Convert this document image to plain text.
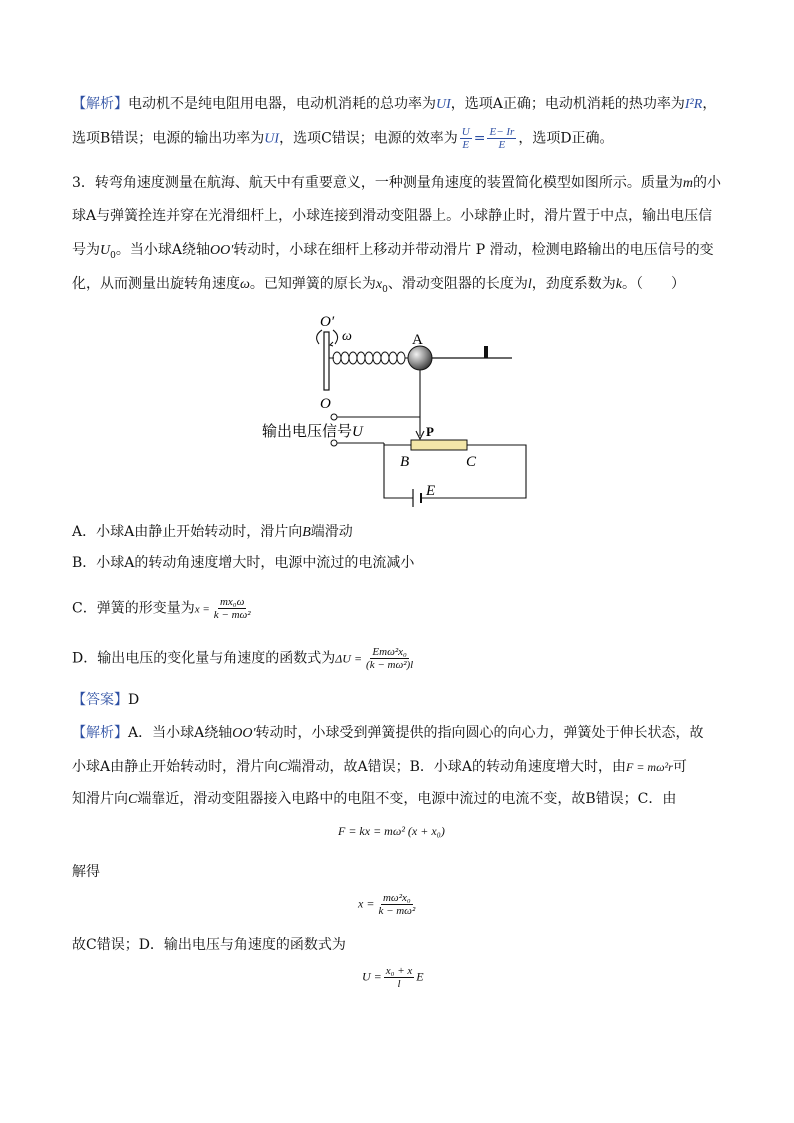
【解析】电动机不是纯电阻用电器，电动机消耗的总功率为UI，选项A正确；电动机消耗的热功率为I²R，
选项B错误；电源的输出功率为UI，选项C错误；电源的效率为 $\frac{U}{E} = \frac{E- Ir}{E}$ ，选项D正确。
3．转弯角速度测量在航海、航天中有重要意义，一种测量角速度的装置简化模型如图所示。质量为m的小
球A与弹簧拴连并穿在光滑细杆上，小球连接到滑动变阻器上。小球静止时，滑片置于中点，输出电压信
号为$U_0$。当小球A绕轴OO′转动时，小球在细杆上移动并带动滑片 P 滑动，检测电路输出的电压信号的变
化，从而测量出旋转角速度ω。已知弹簧的原长为$x_0$、滑动变阻器的长度为l，劲度系数为k。（　　）
O′
ω	A
O
输出电压信号U	P
B	C
E
A．小球A由静止开始转动时，滑片向B端滑动
B．小球A的转动角速度增大时，电源中流过的电流减小
C．弹簧的形变量为$x = \frac{\text{mx₀ω}}{\text{k − mω²}}$
D．输出电压的变化量与角速度的函数式为$\Delta U = \frac{\text{Emω²x₀}}{\text{(k − mω²)l}}$
【答案】D
【解析】A．当小球A绕轴OO′转动时，小球受到弹簧提供的指向圆心的向心力，弹簧处于伸长状态，故
小球A由静止开始转动时，滑片向C端滑动，故A错误；B．小球A的转动角速度增大时，由F = mω²r可
知滑片向C端靠近，滑动变阻器接入电路中的电阻不变，电源中流过的电流不变，故B错误；C．由
F = kx = mω² (x + x₀)
解得
$x = \frac{\text{mω²x₀}}{\text{k − mω²}}$
故C错误；D．输出电压与角速度的函数式为
$U = \frac{\text{x₀ + x}}{l}$ E
